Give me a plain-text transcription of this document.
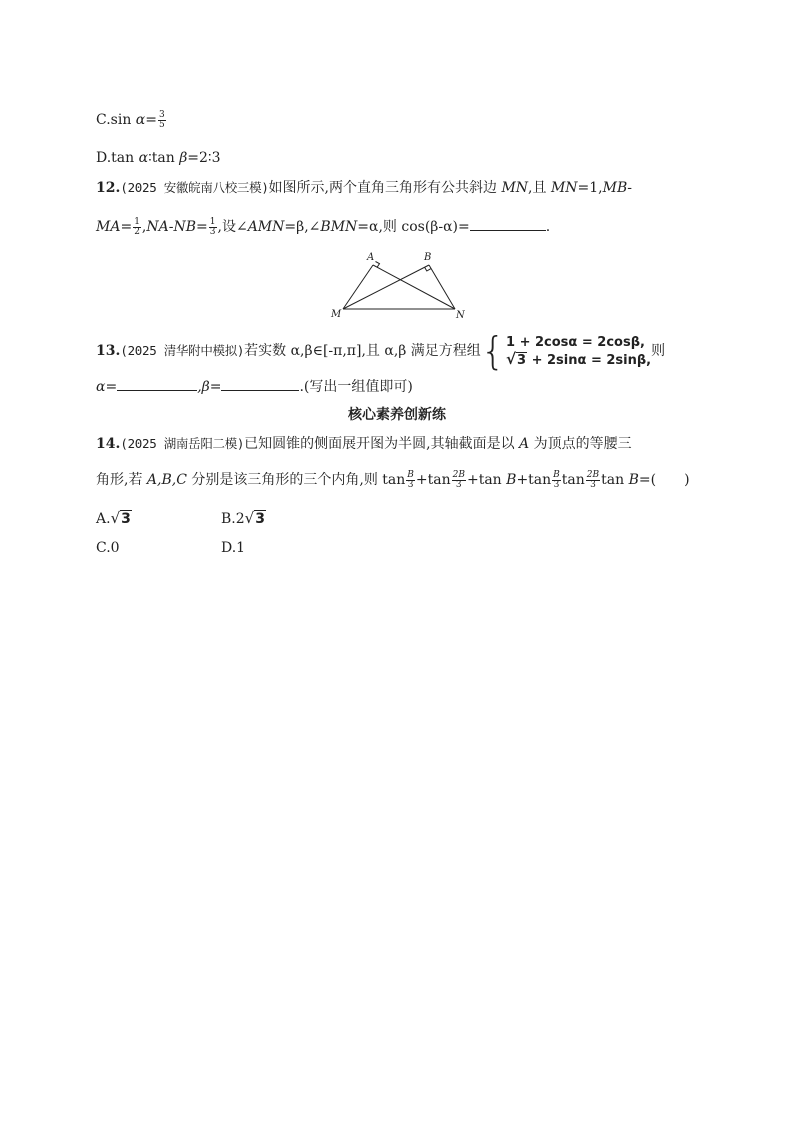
C.sin $\alpha= \frac{3}{5}$
D.tan α∶tan β=2∶3
12.(2025 安徽皖南八校三模)如图所示,两个直角三角形有公共斜边 MN,且 MN=1,MB-
$MA= \frac{1}{2} ,NA-NB= \frac{1}{3}$ ,设∠AMN=β,∠BMN=α,则 cos(β-α)=	.
A	B
M	N
13.(2025 清华附中模拟)若实数 α,β∈[-π,π],且 α,β 满足方程组{ 1 + 2cosα = 2cosβ,
√3 + 2sinα = 2sinβ,
则
α=	,β=	.(写出一组值即可)
核心素养创新练
14.(2025 湖南岳阳二模)已知圆锥的侧面展开图为半圆,其轴截面是以 A 为顶点的等腰三
角形,若 A,B,C 分别是该三角形的三个内角,则 $\tan \frac{B}{3} +\tan \frac{2B}{3} +\tan$ $B+\tan \frac{B}{3}$ $\tan \frac{2B}{3}$ tan B=(　　)
A.√3	B.2√3
C.0	D.1
